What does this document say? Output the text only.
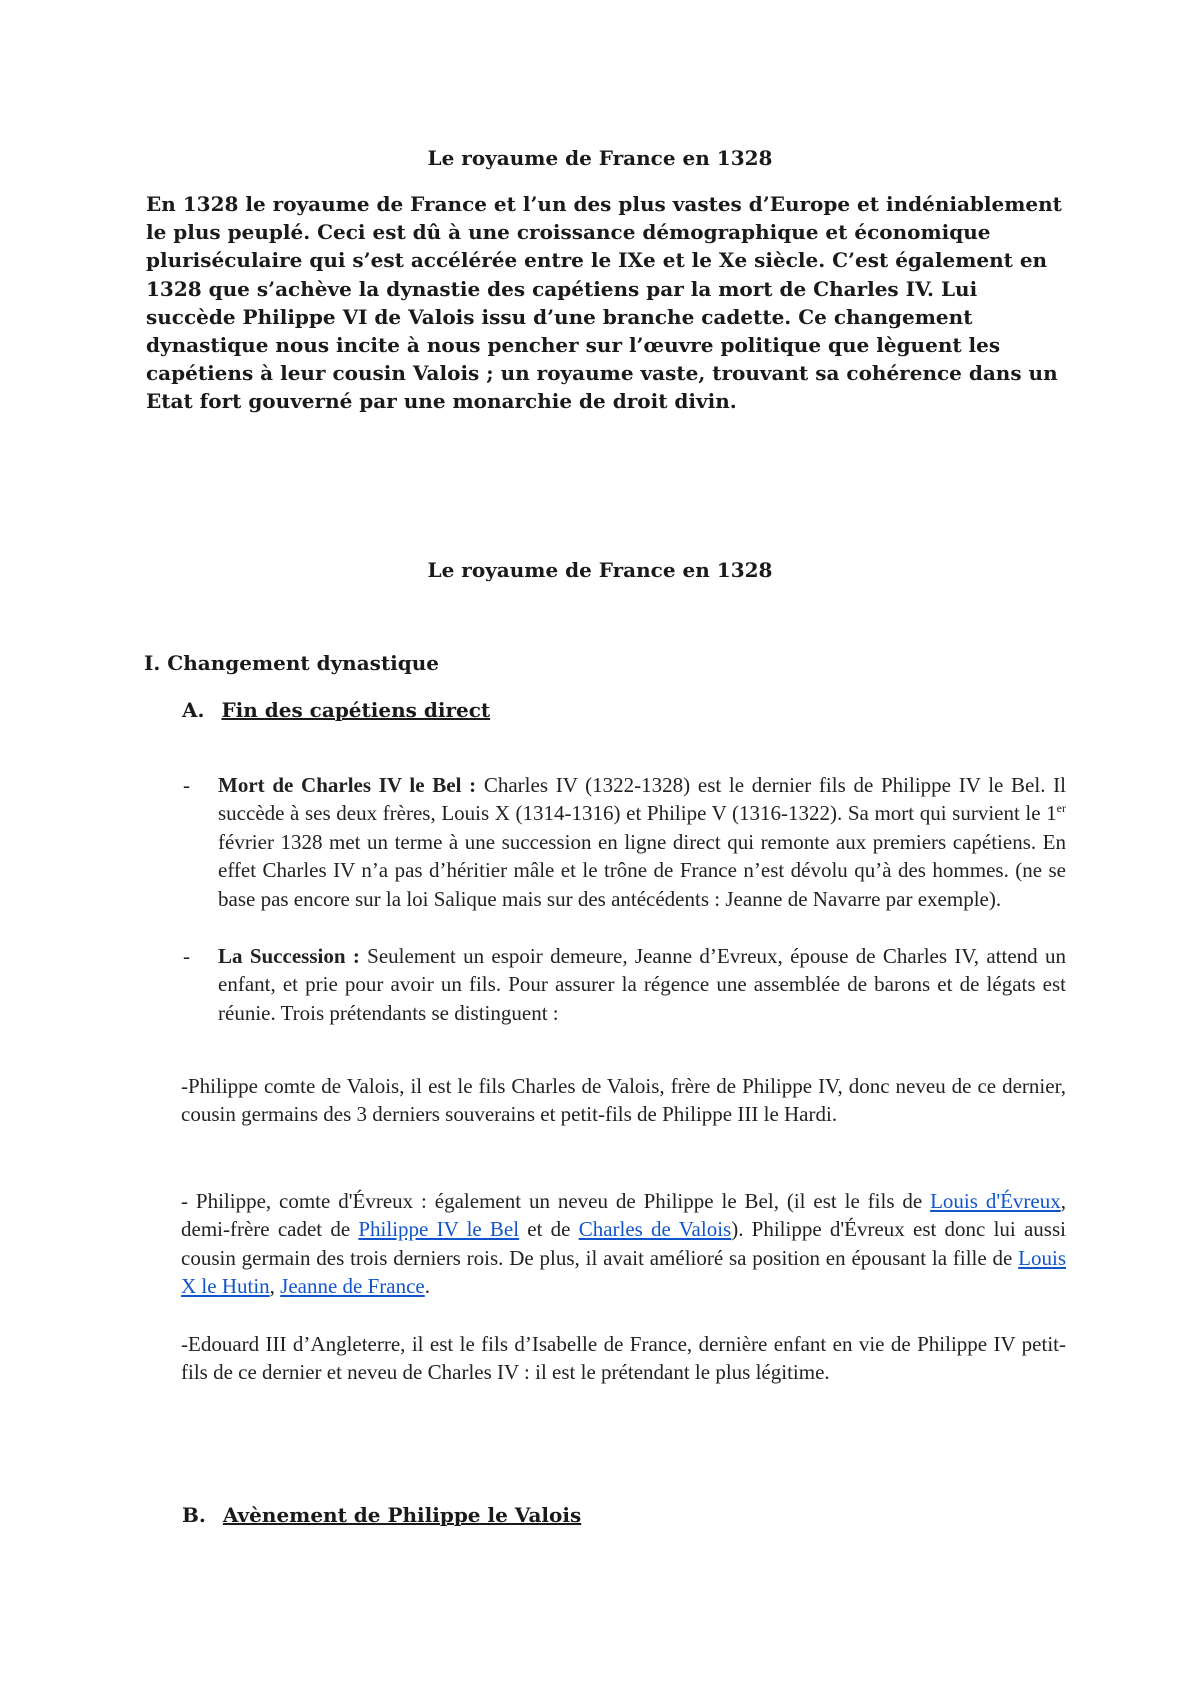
Le royaume de France en 1328
En 1328 le royaume de France et l’un des plus vastes d’Europe et indéniablement le plus peuplé. Ceci est dû à une croissance démographique et économique pluriséculaire qui s’est accélérée entre le IXe et le Xe siècle. C’est également en 1328 que s’achève la dynastie des capétiens par la mort de Charles IV. Lui succède Philippe VI de Valois issu d’une branche cadette. Ce changement dynastique nous incite à nous pencher sur l’œuvre politique que lèguent les capétiens à leur cousin Valois ; un royaume vaste, trouvant sa cohérence dans un Etat fort gouverné par une monarchie de droit divin.
Le royaume de France en 1328
I. Changement dynastique
A. Fin des capétiens direct
- Mort de Charles IV le Bel : Charles IV (1322-1328) est le dernier fils de Philippe IV le Bel. Il succède à ses deux frères, Louis X (1314-1316) et Philipe V (1316-1322). Sa mort qui survient le 1er février 1328 met un terme à une succession en ligne direct qui remonte aux premiers capétiens. En effet Charles IV n’a pas d’héritier mâle et le trône de France n’est dévolu qu’à des hommes. (ne se base pas encore sur la loi Salique mais sur des antécédents : Jeanne de Navarre par exemple).
- La Succession : Seulement un espoir demeure, Jeanne d’Evreux, épouse de Charles IV, attend un enfant, et prie pour avoir un fils. Pour assurer la régence une assemblée de barons et de légats est réunie. Trois prétendants se distinguent :
-Philippe comte de Valois, il est le fils Charles de Valois, frère de Philippe IV, donc neveu de ce dernier, cousin germains des 3 derniers souverains et petit-fils de Philippe III le Hardi.
- Philippe, comte d'Évreux : également un neveu de Philippe le Bel, (il est le fils de Louis d'Évreux, demi-frère cadet de Philippe IV le Bel et de Charles de Valois). Philippe d'Évreux est donc lui aussi cousin germain des trois derniers rois. De plus, il avait amélioré sa position en épousant la fille de Louis X le Hutin, Jeanne de France.
-Edouard III d’Angleterre, il est le fils d’Isabelle de France, dernière enfant en vie de Philippe IV petit-fils de ce dernier et neveu de Charles IV : il est le prétendant le plus légitime.
B. Avènement de Philippe le Valois
